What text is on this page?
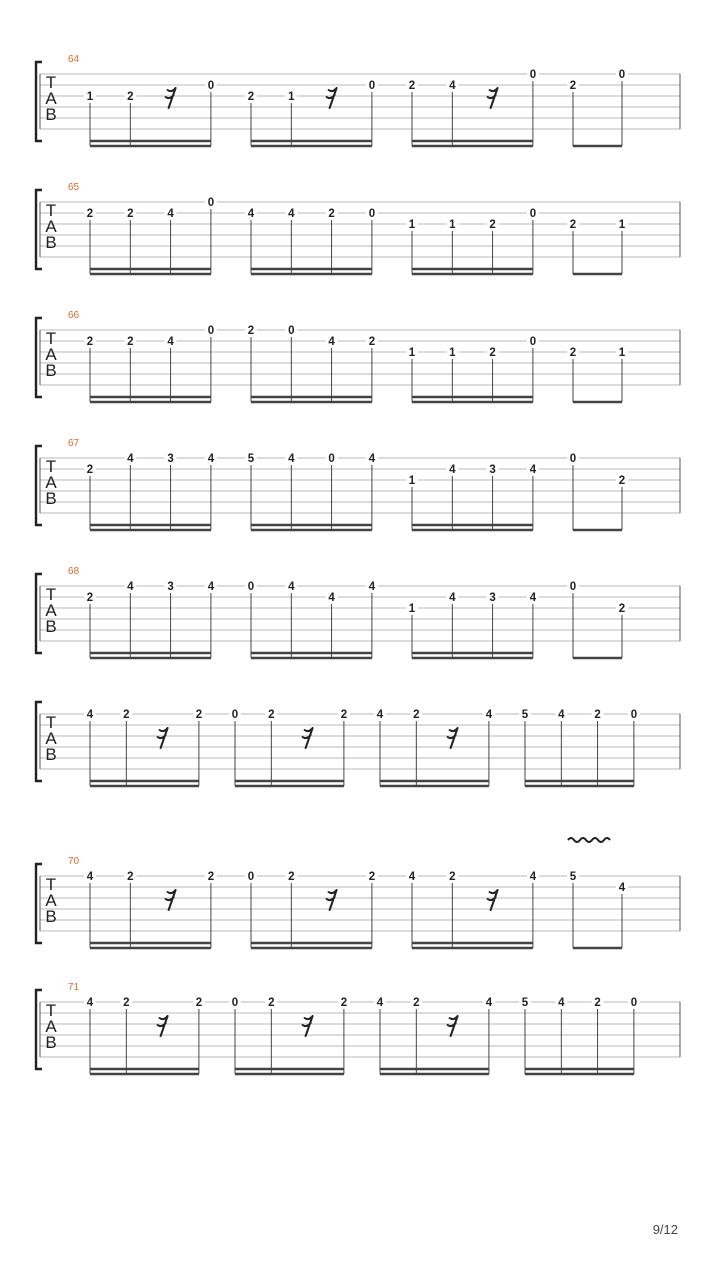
64
T
A
B
1	2
0
2	1
0	2	4
0
2
0
65
T
A
B
2	2	4
0
4	4	2	0
1	1	2
0
2	1
66
T
A
B
2	2	4
0	2	0
4	2
1	1	2
0
2	1
67
T
A
B
2
4	3	4	5	4	0	4
1
4	3	4
0
2
68
T
A
B
2
4	3	4	0	4
4
4
1
4	3	4
0
2
T
A
B
4	2	2	0	2	2	4	2	4	5	4	2	0
70
T
A
B
4	2	2	0	2	2	4	2	4	5
4
71
T
A
B
4	2	2	0	2	2	4	2	4	5	4	2	0
9/12
